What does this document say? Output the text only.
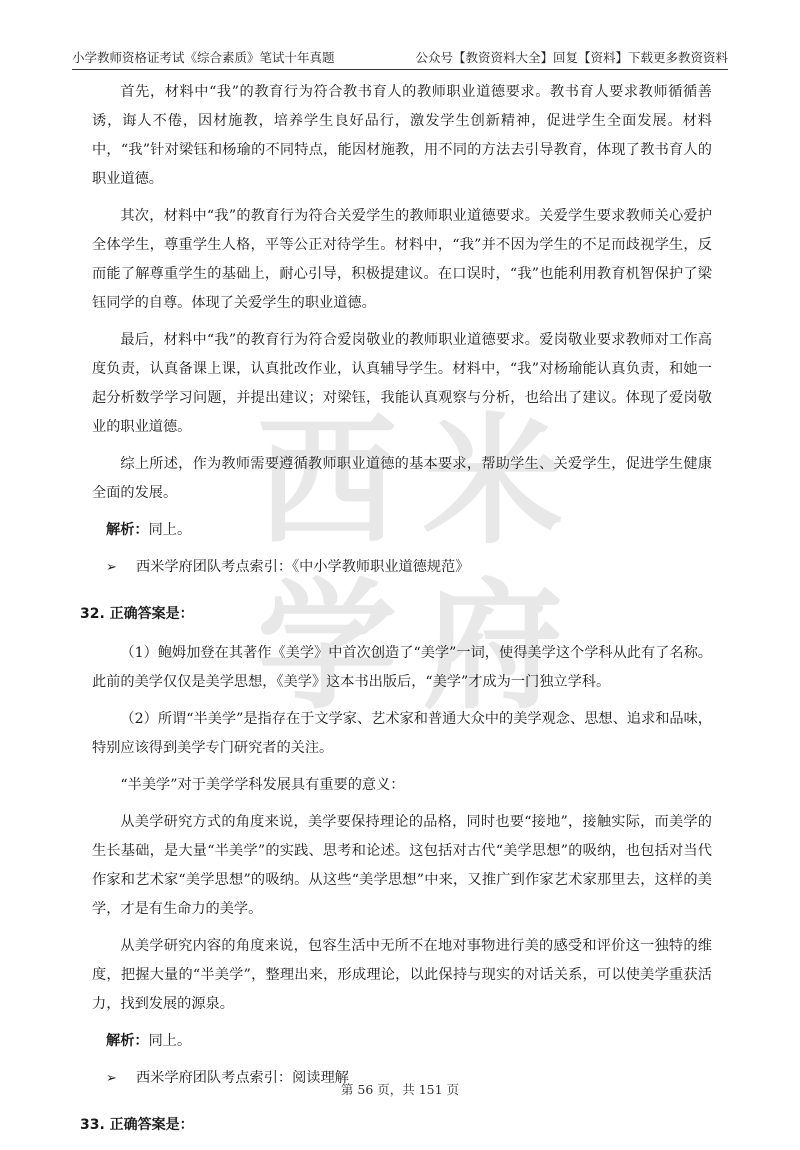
小学教师资格证考试《综合素质》笔试十年真题	公众号【教资资料大全】回复【资料】下载更多教资资料
西 米
学 府

首先，材料中“我”的教育行为符合教书育人的教师职业道德要求。教书育人要求教师循循善诱，诲人不倦，因材施教，培养学生良好品行，激发学生创新精神，促进学生全面发展。材料中，“我”针对梁钰和杨瑜的不同特点，能因材施教，用不同的方法去引导教育，体现了教书育人的职业道德。

其次，材料中“我”的教育行为符合关爱学生的教师职业道德要求。关爱学生要求教师关心爱护全体学生，尊重学生人格，平等公正对待学生。材料中，“我”并不因为学生的不足而歧视学生，反而能了解尊重学生的基础上，耐心引导，积极提建议。在口误时，“我”也能利用教育机智保护了梁钰同学的自尊。体现了关爱学生的职业道德。

最后，材料中“我”的教育行为符合爱岗敬业的教师职业道德要求。爱岗敬业要求教师对工作高度负责，认真备课上课，认真批改作业，认真辅导学生。材料中，“我”对杨瑜能认真负责，和她一起分析数学学习问题，并提出建议；对梁钰，我能认真观察与分析，也给出了建议。体现了爱岗敬业的职业道德。

综上所述，作为教师需要遵循教师职业道德的基本要求，帮助学生、关爱学生，促进学生健康全面的发展。

解析：同上。
➢	西米学府团队考点索引：《中小学教师职业道德规范》
32. 正确答案是：

（1）鲍姆加登在其著作《美学》中首次创造了“美学”一词，使得美学这个学科从此有了名称。此前的美学仅仅是美学思想，《美学》这本书出版后，“美学”才成为一门独立学科。

（2）所谓“半美学”是指存在于文学家、艺术家和普通大众中的美学观念、思想、追求和品味，特别应该得到美学专门研究者的关注。

“半美学”对于美学学科发展具有重要的意义：

从美学研究方式的角度来说，美学要保持理论的品格，同时也要“接地”，接触实际，而美学的生长基础，是大量“半美学”的实践、思考和论述。这包括对古代“美学思想”的吸纳，也包括对当代作家和艺术家“美学思想”的吸纳。从这些“美学思想”中来，又推广到作家艺术家那里去，这样的美学，才是有生命力的美学。

从美学研究内容的角度来说，包容生活中无所不在地对事物进行美的感受和评价这一独特的维度，把握大量的“半美学”，整理出来，形成理论，以此保持与现实的对话关系，可以使美学重获活力，找到发展的源泉。

解析：同上。
➢	西米学府团队考点索引：阅读理解
33. 正确答案是：
第 56 页，共 151 页
